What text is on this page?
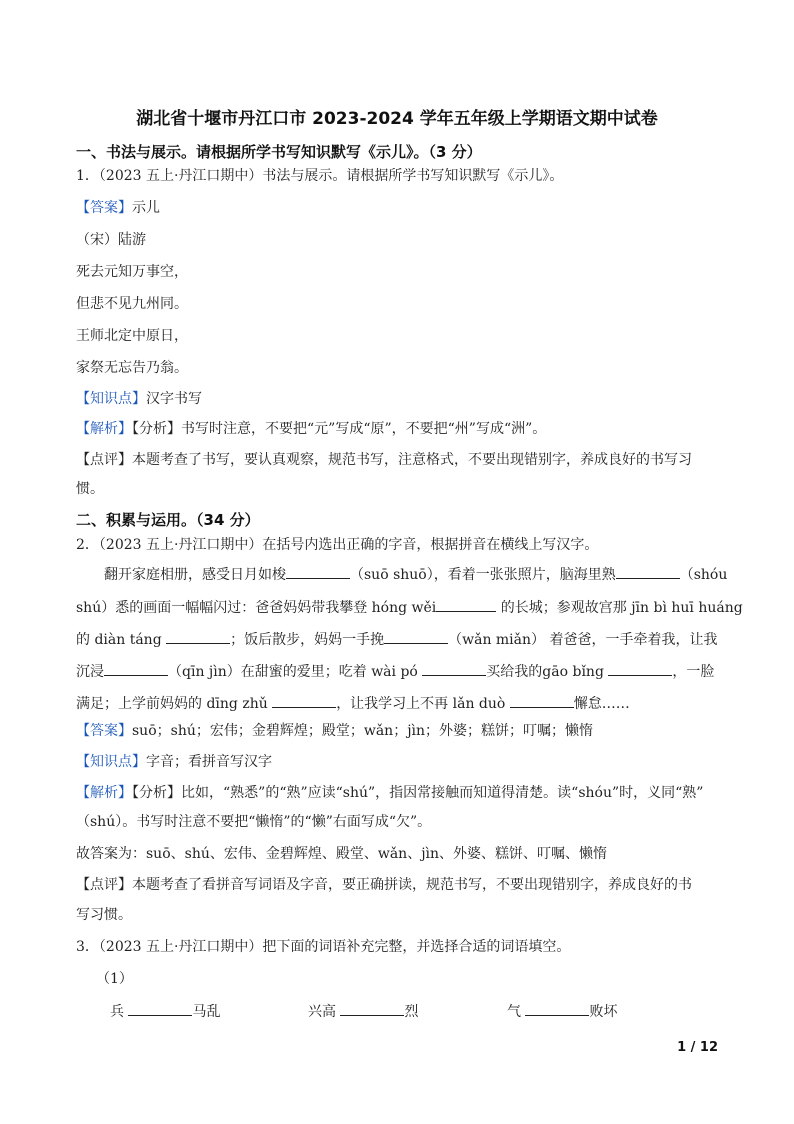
湖北省十堰市丹江口市 2023-2024 学年五年级上学期语文期中试卷
一、书法与展示。请根据所学书写知识默写《示儿》。（3 分）
1．（2023 五上·丹江口期中）书法与展示。请根据所学书写知识默写《示儿》。
【答案】示儿
（宋）陆游
死去元知万事空，
但悲不见九州同。
王师北定中原日，
家祭无忘告乃翁。
【知识点】汉字书写
【解析】【分析】书写时注意，不要把“元”写成“原”，不要把“州”写成“洲”。
【点评】本题考查了书写，要认真观察，规范书写，注意格式，不要出现错别字，养成良好的书写习
惯。
二、积累与运用。（34 分）
2．（2023 五上·丹江口期中）在括号内选出正确的字音，根据拼音在横线上写汉字。
翻开家庭相册，感受日月如梭	（suō shuō），看着一张张照片，脑海里熟	（shóu
shú）悉的画面一幅幅闪过：爸爸妈妈带我攀登 hóng wěi	的长城；参观故宫那 jīn bì huī huáng
的 diàn táng	；饭后散步，妈妈一手挽	（wǎn miǎn） 着爸爸，一手牵着我，让我
沉浸	（qīn jìn）在甜蜜的爱里；吃着 wài pó	买给我的gāo bǐng	，一脸
满足；上学前妈妈的 dīng zhǔ	，让我学习上不再 lǎn duò	懈怠……
【答案】suō；shú；宏伟；金碧辉煌；殿堂；wǎn；jìn；外婆；糕饼；叮嘱；懒惰
【知识点】字音；看拼音写汉字
【解析】【分析】比如，“熟悉”的“熟”应读“shú”，指因常接触而知道得清楚。读“shóu”时，义同“熟”
（shú）。书写时注意不要把“懒惰”的“懒”右面写成“欠”。
故答案为：suō、shú、宏伟、金碧辉煌、殿堂、wǎn、jìn、外婆、糕饼、叮嘱、懒惰
【点评】本题考查了看拼音写词语及字音，要正确拼读，规范书写，不要出现错别字，养成良好的书
写习惯。
3．（2023 五上·丹江口期中）把下面的词语补充完整，并选择合适的词语填空。
（1）
兵	马乱	兴高	烈	气	败坏
1 / 12
